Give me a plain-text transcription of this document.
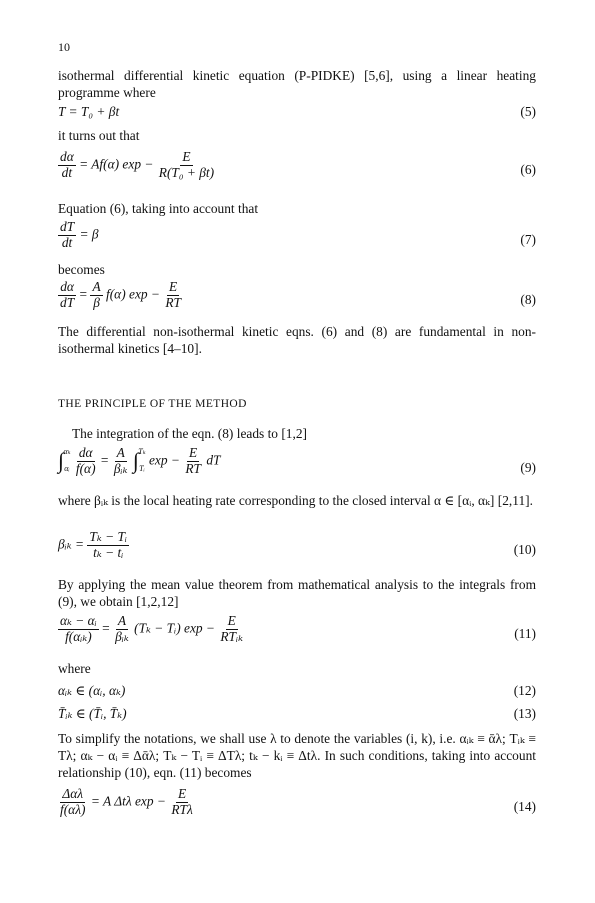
10
isothermal differential kinetic equation (P-PIDKE) [5,6], using a linear heating programme where
T = T₀ + βt	(5)
it turns out that
$\frac{d\alpha}{dt} = Af(\alpha) \exp - \frac{E}{\text{R(T₀ + βt)}}$	(6)
Equation (6), taking into account that
$\frac{dT}{dt} = \beta$	(7)
becomes
$\frac{d\alpha}{dT} = \frac{A}{\beta} f(\alpha) \exp - \frac{E}{RT}$	(8)
The differential non-isothermal kinetic eqns. (6) and (8) are fundamental in non-isothermal kinetics [4–10].
THE PRINCIPLE OF THE METHOD
The integration of the eqn. (8) leads to [1,2]
∫ αₖ
αᵢ
$\frac{d\alpha}{f(\alpha)} = \frac{A}{\text{βᵢₖ}}$ ∫ Tₖ
Tᵢ
$\exp - \frac{E}{RT}$ dT
(9)
where βᵢₖ is the local heating rate corresponding to the closed interval α ∈ [αᵢ, αₖ] [2,11].
βᵢₖ = $\frac{\text{Tₖ − Tᵢ}}{\text{tₖ − tᵢ}}$	(10)
By applying the mean value theorem from mathematical analysis to the integrals from (9), we obtain [1,2,12]
$\frac{\text{αₖ − αᵢ}}{\text{f(αᵢₖ)}} = \frac{A}{\text{βᵢₖ}} (T_k$ − Tᵢ) $\exp - \frac{E}{\text{RTᵢₖ}}$	(11)
where
αᵢₖ ∈ (αᵢ, αₖ)	(12)
T̄ᵢₖ ∈ (T̄ᵢ, T̄ₖ)	(13)
To simplify the notations, we shall use λ to denote the variables (i, k), i.e. αᵢₖ ≡ ᾱλ; Tᵢₖ ≡ Tλ; αₖ − αᵢ ≡ Δᾱλ; Tₖ − Tᵢ ≡ ΔTλ; tₖ − kᵢ ≡ Δtλ. In such conditions, taking into account relationship (10), eqn. (11) becomes
$\frac{\text{Δαλ}}{f(\alpha\lambda)} = A$ Δtλ $\exp - \frac{E}{\text{RTλ}}$	(14)
